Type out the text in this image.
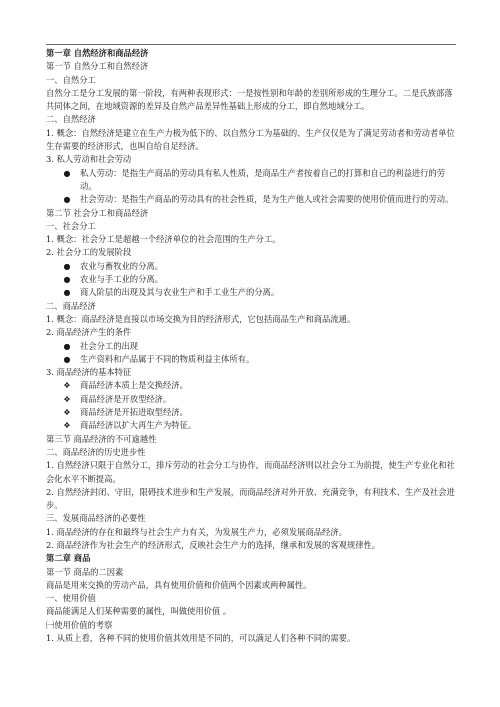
第一章 自然经济和商品经济
第一节 自然分工和自然经济
一、自然分工
自然分工是分工发展的第一阶段，有两种表现形式：一是按性别和年龄的差别所形成的生理分工。二是氏族部落共同体之间，在地域资源的差异及自然产品差异性基础上形成的分工，即自然地域分工。
二、自然经济
1. 概念：自然经济是建立在生产力极为低下的、以自然分工为基础的、生产仅仅是为了满足劳动者和劳动者单位生存需要的经济形式，也叫自给自足经济。
3. 私人劳动和社会劳动
● 私人劳动：是指生产商品的劳动具有私人性质，是商品生产者按着自己的打算和自己的利益进行的劳动。
● 社会劳动：是指生产商品的劳动具有的社会性质，是为生产他人或社会需要的使用价值而进行的劳动。
第二节 社会分工和商品经济
一、社会分工
1. 概念：社会分工是超越一个经济单位的社会范围的生产分工。
2. 社会分工的发展阶段
● 农业与畜牧业的分离。
● 农业与手工业的分离。
● 商人阶层的出现及其与农业生产和手工业生产的分离。
二、商品经济
1. 概念：商品经济是直接以市场交换为目的经济形式，它包括商品生产和商品流通。
2. 商品经济产生的条件
● 社会分工的出现
● 生产资料和产品属于不同的物质利益主体所有。
3. 商品经济的基本特征
❖ 商品经济本质上是交换经济。
❖ 商品经济是开放型经济。
❖ 商品经济是开拓进取型经济。
❖ 商品经济以扩大再生产为特征。
第三节 商品经济的不可逾越性
二、商品经济的历史进步性
1. 自然经济只限于自然分工，排斥劳动的社会分工与协作，而商品经济则以社会分工为前提，使生产专业化和社会化水平不断提高。
2. 自然经济封闭、守旧，限碍技术进步和生产发展，而商品经济对外开放、充满竞争，有利技术、生产及社会进步。
三、发展商品经济的必要性
1. 商品经济的存在和最终与社会生产力有关，为发展生产力，必须发展商品经济。
2. 商品经济作为社会生产的经济形式，反映社会生产力的选择，继承和发展的客观规律性。
第二章 商品
第一节 商品的二因素
商品是用来交换的劳动产品，具有使用价值和价值两个因素或两种属性。
一、使用价值
商品能满足人们某种需要的属性，叫做使用价值 。
㈠使用价值的考察
1. 从质上看，各种不同的使用价值其效用是不同的，可以满足人们各种不同的需要。
